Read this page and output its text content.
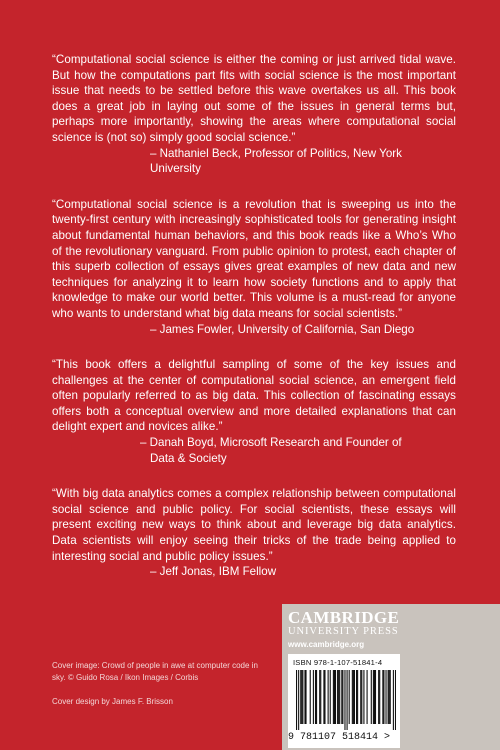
“Computational social science is either the coming or just arrived tidal wave. But how the computations part fits with social science is the most important issue that needs to be settled before this wave overtakes us all. This book does a great job in laying out some of the issues in general terms but, perhaps more importantly, showing the areas where computational social science is (not so) simply good social science.”

– Nathaniel Beck, Professor of Politics, New York University

“Computational social science is a revolution that is sweeping us into the twenty-first century with increasingly sophisticated tools for generating insight about fundamental human behaviors, and this book reads like a Who’s Who of the revolutionary vanguard. From public opinion to protest, each chapter of this superb collection of essays gives great examples of new data and new techniques for analyzing it to learn how society functions and to apply that knowledge to make our world better. This volume is a must-read for anyone who wants to understand what big data means for social scientists.”

– James Fowler, University of California, San Diego

“This book offers a delightful sampling of some of the key issues and challenges at the center of computational social science, an emergent field often popularly referred to as big data. This collection of fascinating essays offers both a conceptual overview and more detailed explanations that can delight expert and novices alike.”

– Danah Boyd, Microsoft Research and Founder of
Data & Society

“With big data analytics comes a complex relationship between computational social science and public policy. For social scientists, these essays will present exciting new ways to think about and leverage big data analytics. Data scientists will enjoy seeing their tricks of the trade being applied to interesting social and public policy issues.”

– Jeff Jonas, IBM Fellow

Cover image: Crowd of people in awe at computer code in sky. © Guido Rosa / Ikon Images / Corbis

Cover design by James F. Brisson

CAMBRIDGE
UNIVERSITY PRESS
www.cambridge.org
ISBN 978-1-107-51841-4
9 781107 518414 >
